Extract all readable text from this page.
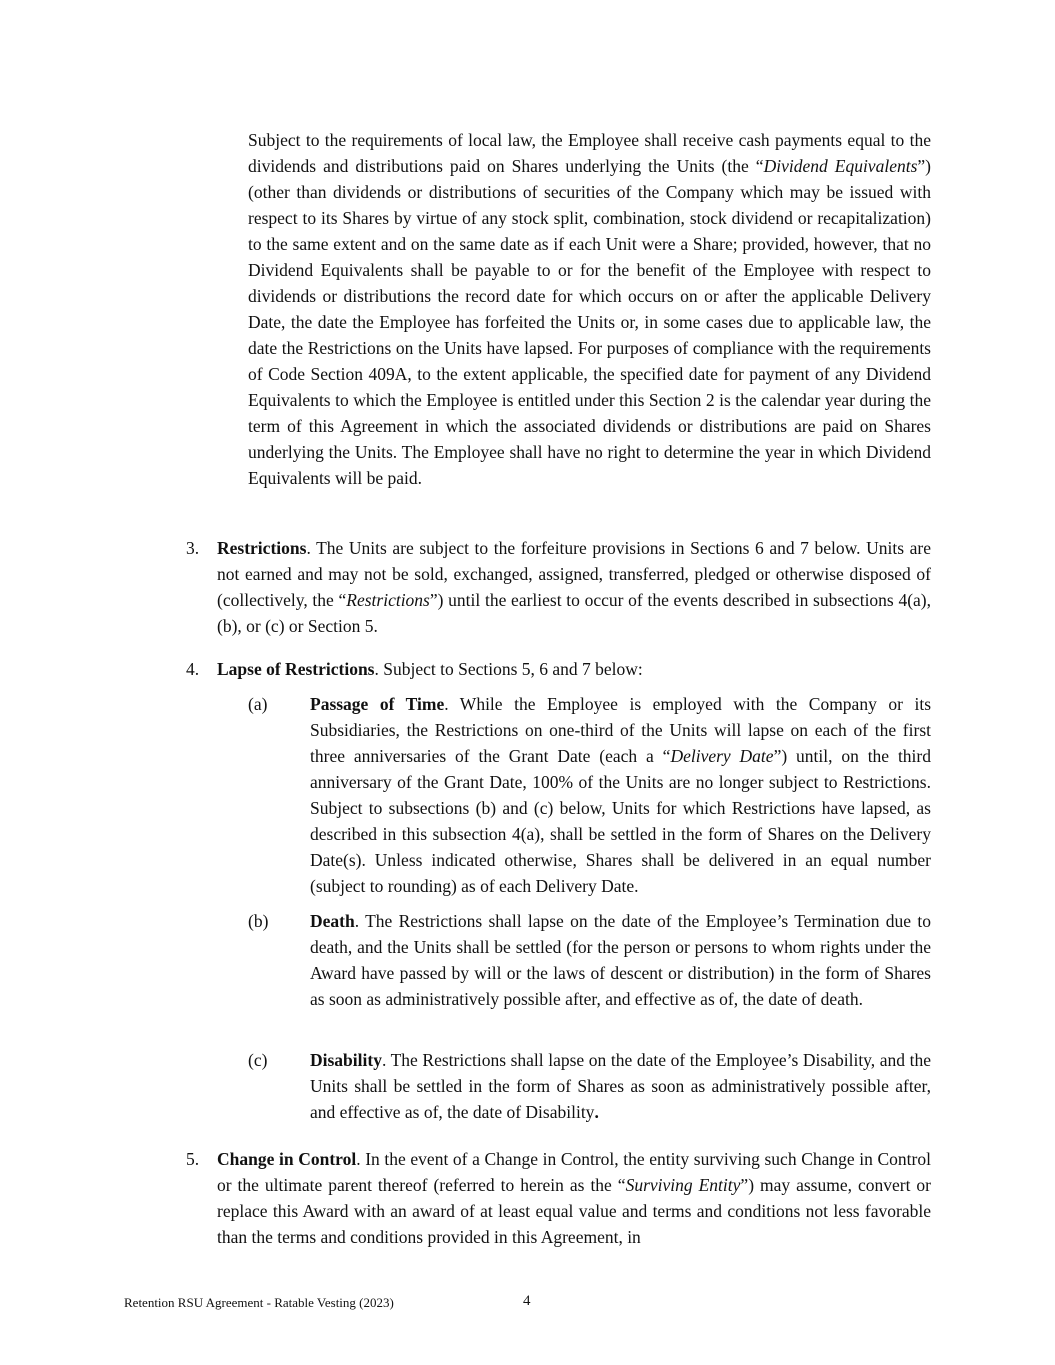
Subject to the requirements of local law, the Employee shall receive cash payments equal to the dividends and distributions paid on Shares underlying the Units (the “Dividend Equivalents”) (other than dividends or distributions of securities of the Company which may be issued with respect to its Shares by virtue of any stock split, combination, stock dividend or recapitalization) to the same extent and on the same date as if each Unit were a Share; provided, however, that no Dividend Equivalents shall be payable to or for the benefit of the Employee with respect to dividends or distributions the record date for which occurs on or after the applicable Delivery Date, the date the Employee has forfeited the Units or, in some cases due to applicable law, the date the Restrictions on the Units have lapsed. For purposes of compliance with the requirements of Code Section 409A, to the extent applicable, the specified date for payment of any Dividend Equivalents to which the Employee is entitled under this Section 2 is the calendar year during the term of this Agreement in which the associated dividends or distributions are paid on Shares underlying the Units. The Employee shall have no right to determine the year in which Dividend Equivalents will be paid.

3. Restrictions. The Units are subject to the forfeiture provisions in Sections 6 and 7 below. Units are not earned and may not be sold, exchanged, assigned, transferred, pledged or otherwise disposed of (collectively, the “Restrictions”) until the earliest to occur of the events described in subsections 4(a), (b), or (c) or Section 5.

4. Lapse of Restrictions. Subject to Sections 5, 6 and 7 below:

(a) Passage of Time. While the Employee is employed with the Company or its Subsidiaries, the Restrictions on one-third of the Units will lapse on each of the first three anniversaries of the Grant Date (each a “Delivery Date”) until, on the third anniversary of the Grant Date, 100% of the Units are no longer subject to Restrictions. Subject to subsections (b) and (c) below, Units for which Restrictions have lapsed, as described in this subsection 4(a), shall be settled in the form of Shares on the Delivery Date(s). Unless indicated otherwise, Shares shall be delivered in an equal number (subject to rounding) as of each Delivery Date.

(b) Death. The Restrictions shall lapse on the date of the Employee’s Termination due to death, and the Units shall be settled (for the person or persons to whom rights under the Award have passed by will or the laws of descent or distribution) in the form of Shares as soon as administratively possible after, and effective as of, the date of death.

(c) Disability. The Restrictions shall lapse on the date of the Employee’s Disability, and the Units shall be settled in the form of Shares as soon as administratively possible after, and effective as of, the date of Disability.

5. Change in Control. In the event of a Change in Control, the entity surviving such Change in Control or the ultimate parent thereof (referred to herein as the “Surviving Entity”) may assume, convert or replace this Award with an award of at least equal value and terms and conditions not less favorable than the terms and conditions provided in this Agreement, in

Retention RSU Agreement - Ratable Vesting (2023)	4
